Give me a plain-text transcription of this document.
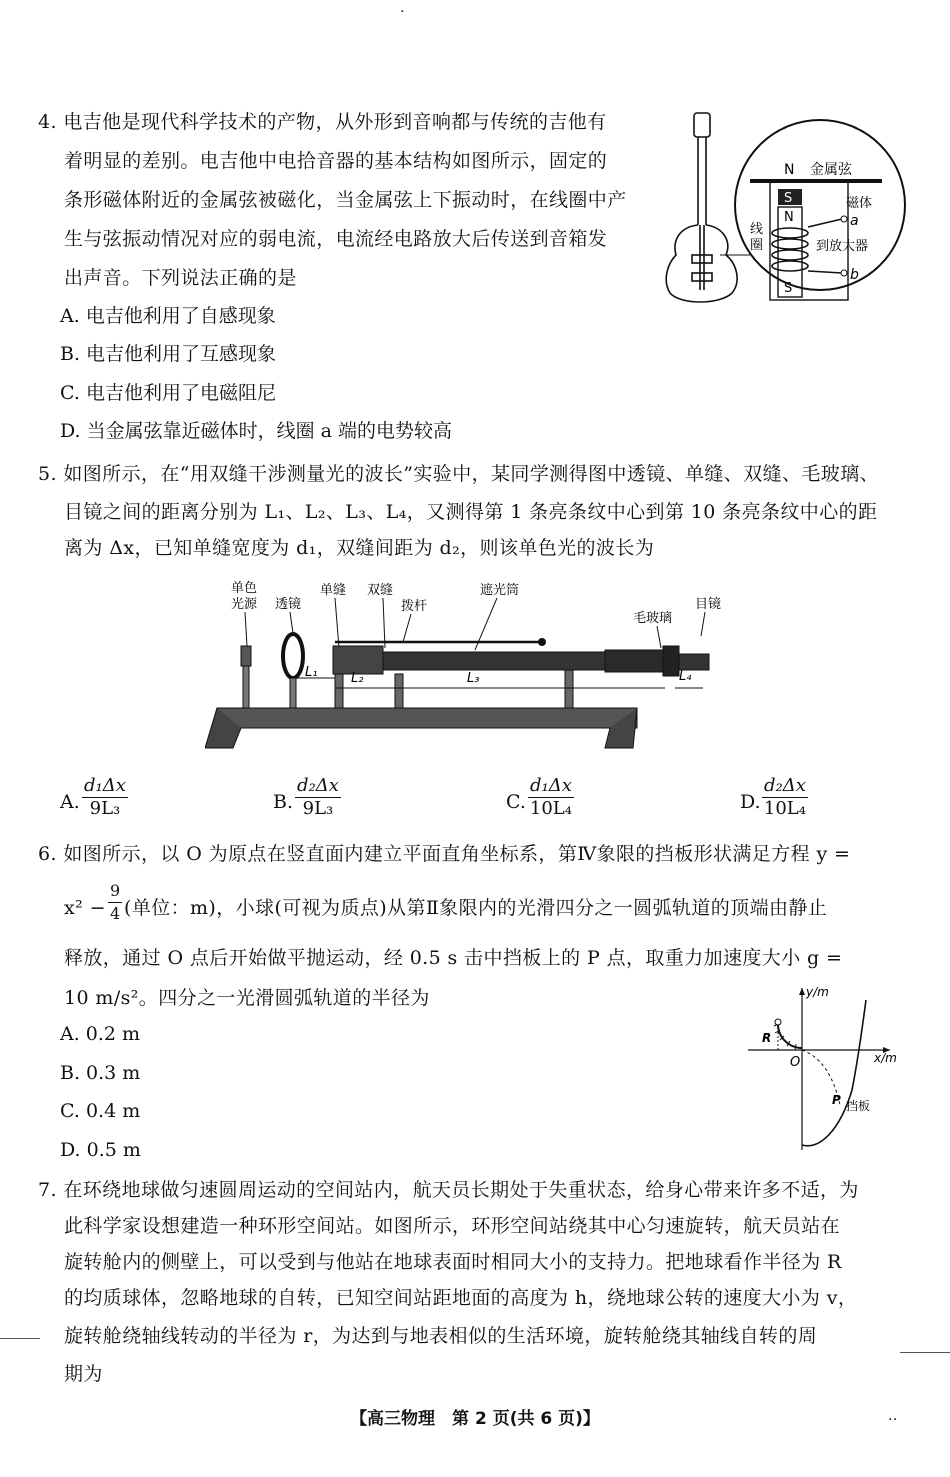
·
4. 电吉他是现代科学技术的产物，从外形到音响都与传统的吉他有
着明显的差别。电吉他中电拾音器的基本结构如图所示，固定的
条形磁体附近的金属弦被磁化，当金属弦上下振动时，在线圈中产
生与弦振动情况对应的弱电流，电流经电路放大后传送到音箱发
出声音。下列说法正确的是
A. 电吉他利用了自感现象
B. 电吉他利用了互感现象
C. 电吉他利用了电磁阻尼
D. 当金属弦靠近磁体时，线圈 a 端的电势较高
N 金属弦
S
N
S
a
b
磁体
到放大器
线
圈
5. 如图所示，在“用双缝干涉测量光的波长”实验中，某同学测得图中透镜、单缝、双缝、毛玻璃、
目镜之间的距离分别为 L₁、L₂、L₃、L₄，又测得第 1 条亮条纹中心到第 10 条亮条纹中心的距
离为 Δx，已知单缝宽度为 d₁，双缝间距为 d₂，则该单色光的波长为
单色
光源 透镜
单缝 双缝
拨杆
遮光筒
毛玻璃
目镜
L₁	L₂	L₃	L₄
A. $\frac{\text{d₁Δx}}{\text{9L₃}}$	B. $\frac{\text{d₂Δx}}{\text{9L₃}}$	C. $\frac{\text{d₁Δx}}{\text{10L₄}}$	D. $\frac{\text{d₂Δx}}{\text{10L₄}}$
6. 如图所示，以 O 为原点在竖直面内建立平面直角坐标系，第Ⅳ象限的挡板形状满足方程 y =
$x^2 - \frac{9}{4}$ (单位：m)，小球(可视为质点)从第Ⅱ象限内的光滑四分之一圆弧轨道的顶端由静止
释放，通过 O 点后开始做平抛运动，经 0.5 s 击中挡板上的 P 点，取重力加速度大小 g =
10 m/s²。四分之一光滑圆弧轨道的半径为
A. 0.2 m
B. 0.3 m
C. 0.4 m
D. 0.5 m
y/m
x/m
O
R
P 挡板
7. 在环绕地球做匀速圆周运动的空间站内，航天员长期处于失重状态，给身心带来许多不适，为
此科学家设想建造一种环形空间站。如图所示，环形空间站绕其中心匀速旋转，航天员站在
旋转舱内的侧壁上，可以受到与他站在地球表面时相同大小的支持力。把地球看作半径为 R
的均质球体，忽略地球的自转，已知空间站距地面的高度为 h，绕地球公转的速度大小为 v，
旋转舱绕轴线转动的半径为 r，为达到与地表相似的生活环境，旋转舱绕其轴线自转的周
期为
【高三物理　第 2 页(共 6 页)】	..
